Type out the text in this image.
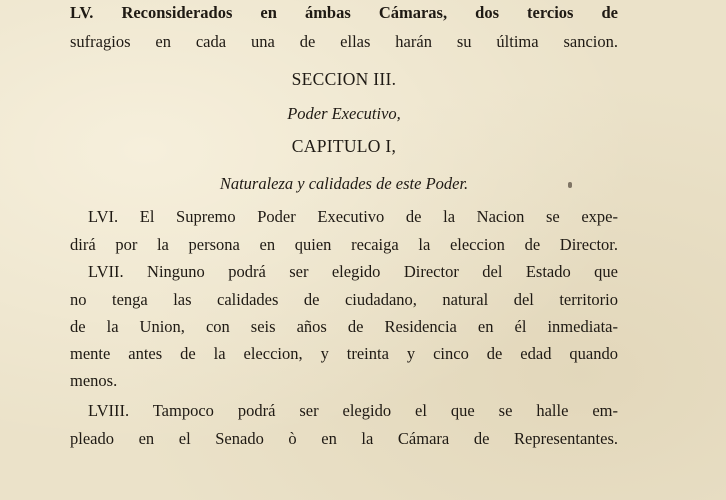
LV. Reconsiderados en ámbas Cámaras, dos tercios de
sufragios en cada una de ellas harán su última sancion.
SECCION III.
Poder Executivo,
CAPITULO I,
Naturaleza y calidades de este Poder.
LVI. El Supremo Poder Executivo de la Nacion se expe-
dirá por la persona en quien recaiga la eleccion de Director.
LVII. Ninguno podrá ser elegido Director del Estado que
no tenga las calidades de ciudadano, natural del territorio
de la Union, con seis años de Residencia en él inmediata-
mente antes de la eleccion, y treinta y cinco de edad quando
menos.
LVIII. Tampoco podrá ser elegido el que se halle em-
pleado en el Senado ò en la Cámara de Representantes.
